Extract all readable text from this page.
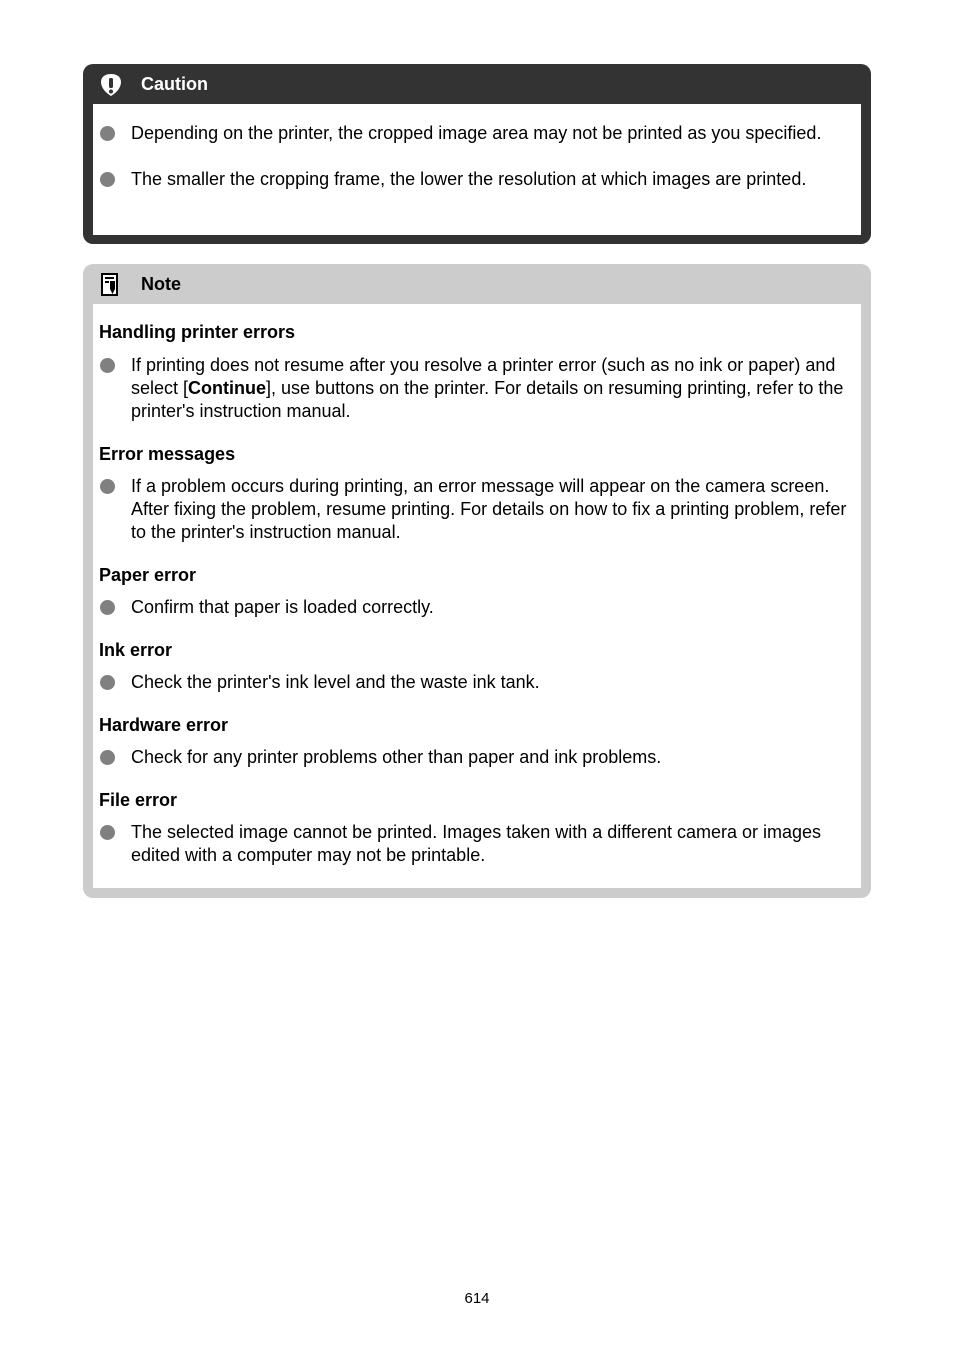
Caution
Depending on the printer, the cropped image area may not be printed as you specified.
The smaller the cropping frame, the lower the resolution at which images are printed.
Note
Handling printer errors
If printing does not resume after you resolve a printer error (such as no ink or paper) and select [Continue], use buttons on the printer. For details on resuming printing, refer to the printer's instruction manual.
Error messages
If a problem occurs during printing, an error message will appear on the camera screen. After fixing the problem, resume printing. For details on how to fix a printing problem, refer to the printer's instruction manual.
Paper error
Confirm that paper is loaded correctly.
Ink error
Check the printer's ink level and the waste ink tank.
Hardware error
Check for any printer problems other than paper and ink problems.
File error
The selected image cannot be printed. Images taken with a different camera or images edited with a computer may not be printable.
614
